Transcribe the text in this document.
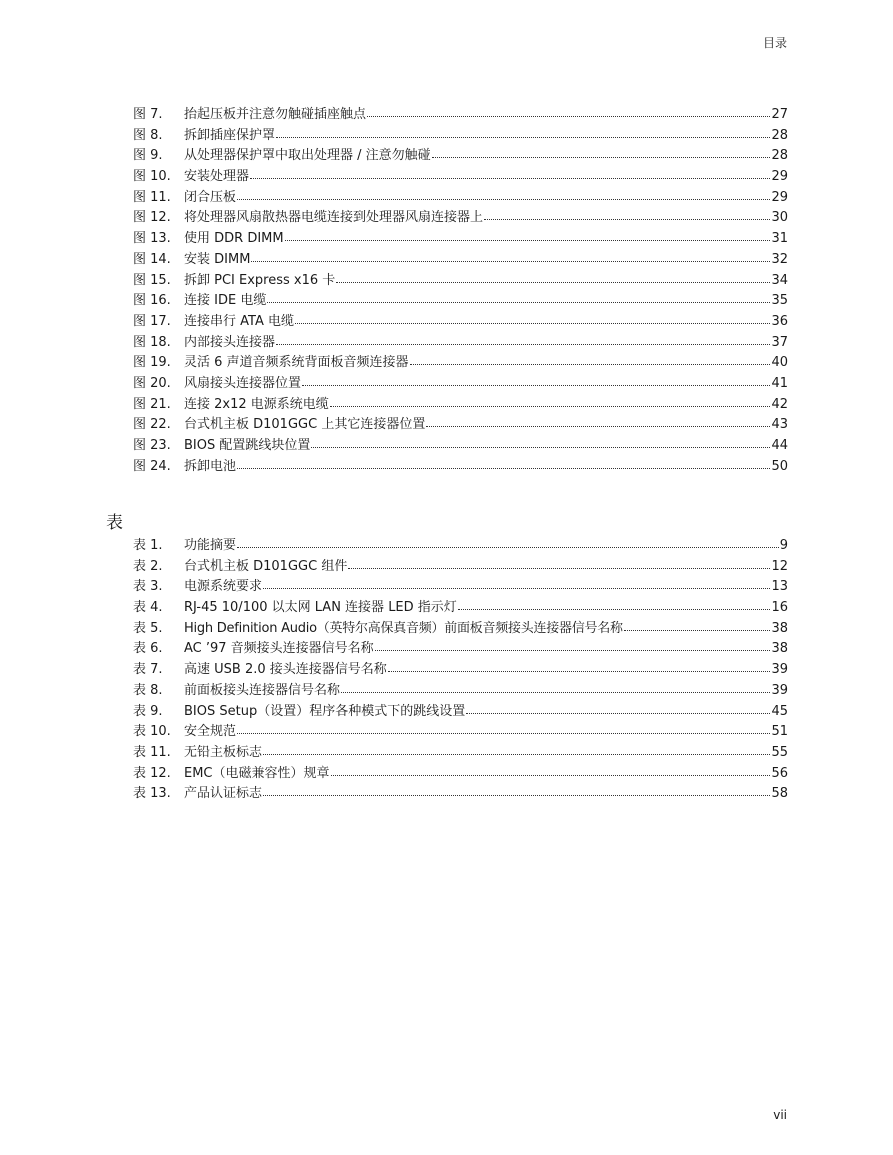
目录
图 7.	抬起压板并注意勿触碰插座触点	27
图 8.	拆卸插座保护罩	28
图 9.	从处理器保护罩中取出处理器 / 注意勿触碰	28
图 10.	安装处理器	29
图 11.	闭合压板	29
图 12.	将处理器风扇散热器电缆连接到处理器风扇连接器上	30
图 13.	使用 DDR DIMM	31
图 14.	安装 DIMM	32
图 15.	拆卸 PCI Express x16 卡	34
图 16.	连接 IDE 电缆	35
图 17.	连接串行 ATA 电缆	36
图 18.	内部接头连接器	37
图 19.	灵活 6 声道音频系统背面板音频连接器	40
图 20.	风扇接头连接器位置	41
图 21.	连接 2x12 电源系统电缆	42
图 22.	台式机主板 D101GGC 上其它连接器位置	43
图 23.	BIOS 配置跳线块位置	44
图 24.	拆卸电池	50
表
表 1.	功能摘要	9
表 2.	台式机主板 D101GGC 组件	12
表 3.	电源系统要求	13
表 4.	RJ-45 10/100 以太网 LAN 连接器 LED 指示灯	16
表 5.	High Definition Audio（英特尔高保真音频）前面板音频接头连接器信号名称	38
表 6.	AC ’97 音频接头连接器信号名称	38
表 7.	高速 USB 2.0 接头连接器信号名称	39
表 8.	前面板接头连接器信号名称	39
表 9.	BIOS Setup（设置）程序各种模式下的跳线设置	45
表 10.	安全规范	51
表 11.	无铅主板标志	55
表 12.	EMC（电磁兼容性）规章	56
表 13.	产品认证标志	58
vii
